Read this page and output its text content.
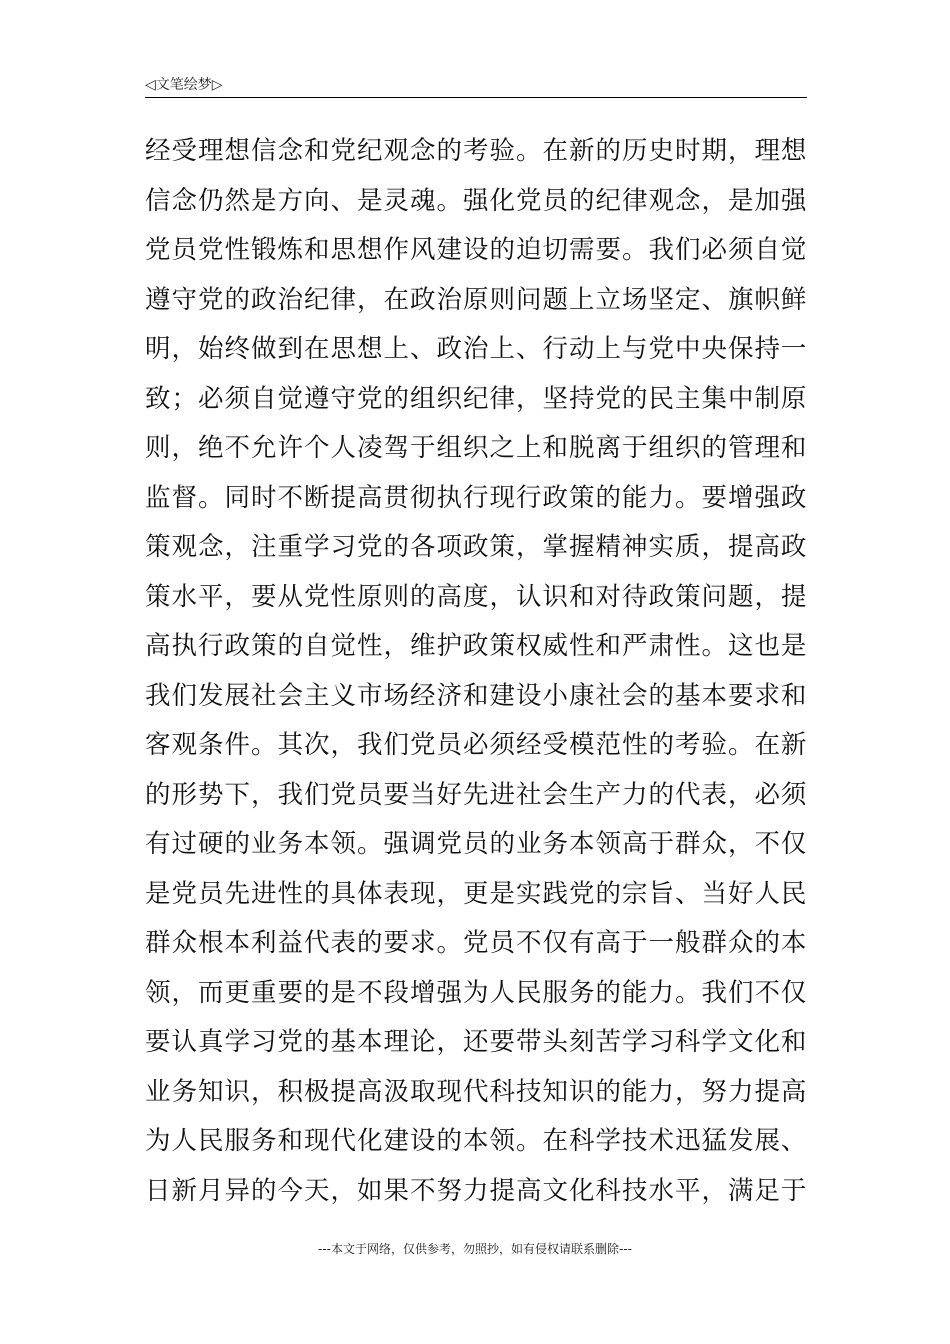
◁文笔绘梦▷
经受理想信念和党纪观念的考验。在新的历史时期，理想
信念仍然是方向、是灵魂。强化党员的纪律观念，是加强
党员党性锻炼和思想作风建设的迫切需要。我们必须自觉
遵守党的政治纪律，在政治原则问题上立场坚定、旗帜鲜
明，始终做到在思想上、政治上、行动上与党中央保持一
致；必须自觉遵守党的组织纪律，坚持党的民主集中制原
则，绝不允许个人凌驾于组织之上和脱离于组织的管理和
监督。同时不断提高贯彻执行现行政策的能力。要增强政
策观念，注重学习党的各项政策，掌握精神实质，提高政
策水平，要从党性原则的高度，认识和对待政策问题，提
高执行政策的自觉性，维护政策权威性和严肃性。这也是
我们发展社会主义市场经济和建设小康社会的基本要求和
客观条件。其次，我们党员必须经受模范性的考验。在新
的形势下，我们党员要当好先进社会生产力的代表，必须
有过硬的业务本领。强调党员的业务本领高于群众，不仅
是党员先进性的具体表现，更是实践党的宗旨、当好人民
群众根本利益代表的要求。党员不仅有高于一般群众的本
领，而更重要的是不段增强为人民服务的能力。我们不仅
要认真学习党的基本理论，还要带头刻苦学习科学文化和
业务知识，积极提高汲取现代科技知识的能力，努力提高
为人民服务和现代化建设的本领。在科学技术迅猛发展、
日新月异的今天，如果不努力提高文化科技水平，满足于
---本文于网络，仅供参考，勿照抄，如有侵权请联系删除---
